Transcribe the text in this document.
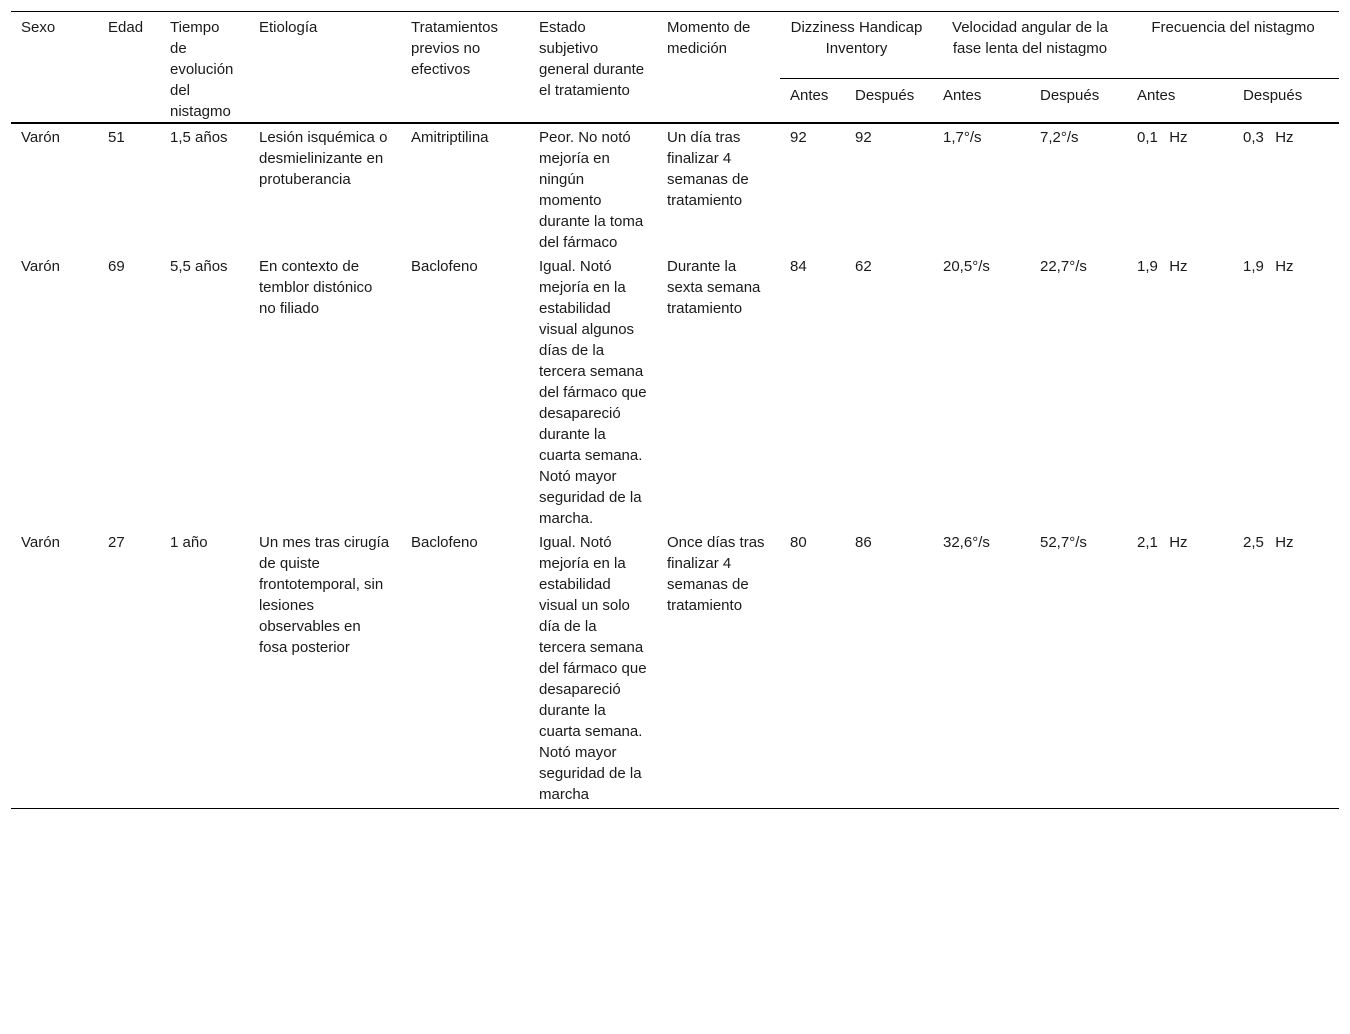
Sexo	Edad	Tiempo de evolución del nistagmo	Etiología	Tratamientos previos no efectivos	Estado subjetivo general durante el tratamiento	Momento de medición	Dizziness Handicap Inventory		Velocidad angular de la fase lenta del nistagmo		Frecuencia del nistagmo	
							Antes	Después	Antes	Después	Antes	Después
Varón	51	1,5 años	Lesión isquémica o desmielinizante en protuberancia	Amitriptilina	Peor. No notó mejoría en ningún momento durante la toma del fármaco	Un día tras finalizar 4 semanas de tratamiento	92	92	1,7°/s	7,2°/s	0,1 Hz	0,3 Hz
Varón	69	5,5 años	En contexto de temblor distónico no filiado	Baclofeno	Igual. Notó mejoría en la estabilidad visual algunos días de la tercera semana del fármaco que desapareció durante la cuarta semana. Notó mayor seguridad de la marcha.	Durante la sexta semana tratamiento	84	62	20,5°/s	22,7°/s	1,9 Hz	1,9 Hz
Varón	27	1 año	Un mes tras cirugía de quiste frontotemporal, sin lesiones observables en fosa posterior	Baclofeno	Igual. Notó mejoría en la estabilidad visual un solo día de la tercera semana del fármaco que desapareció durante la cuarta semana. Notó mayor seguridad de la marcha	Once días tras finalizar 4 semanas de tratamiento	80	86	32,6°/s	52,7°/s	2,1 Hz	2,5 Hz
